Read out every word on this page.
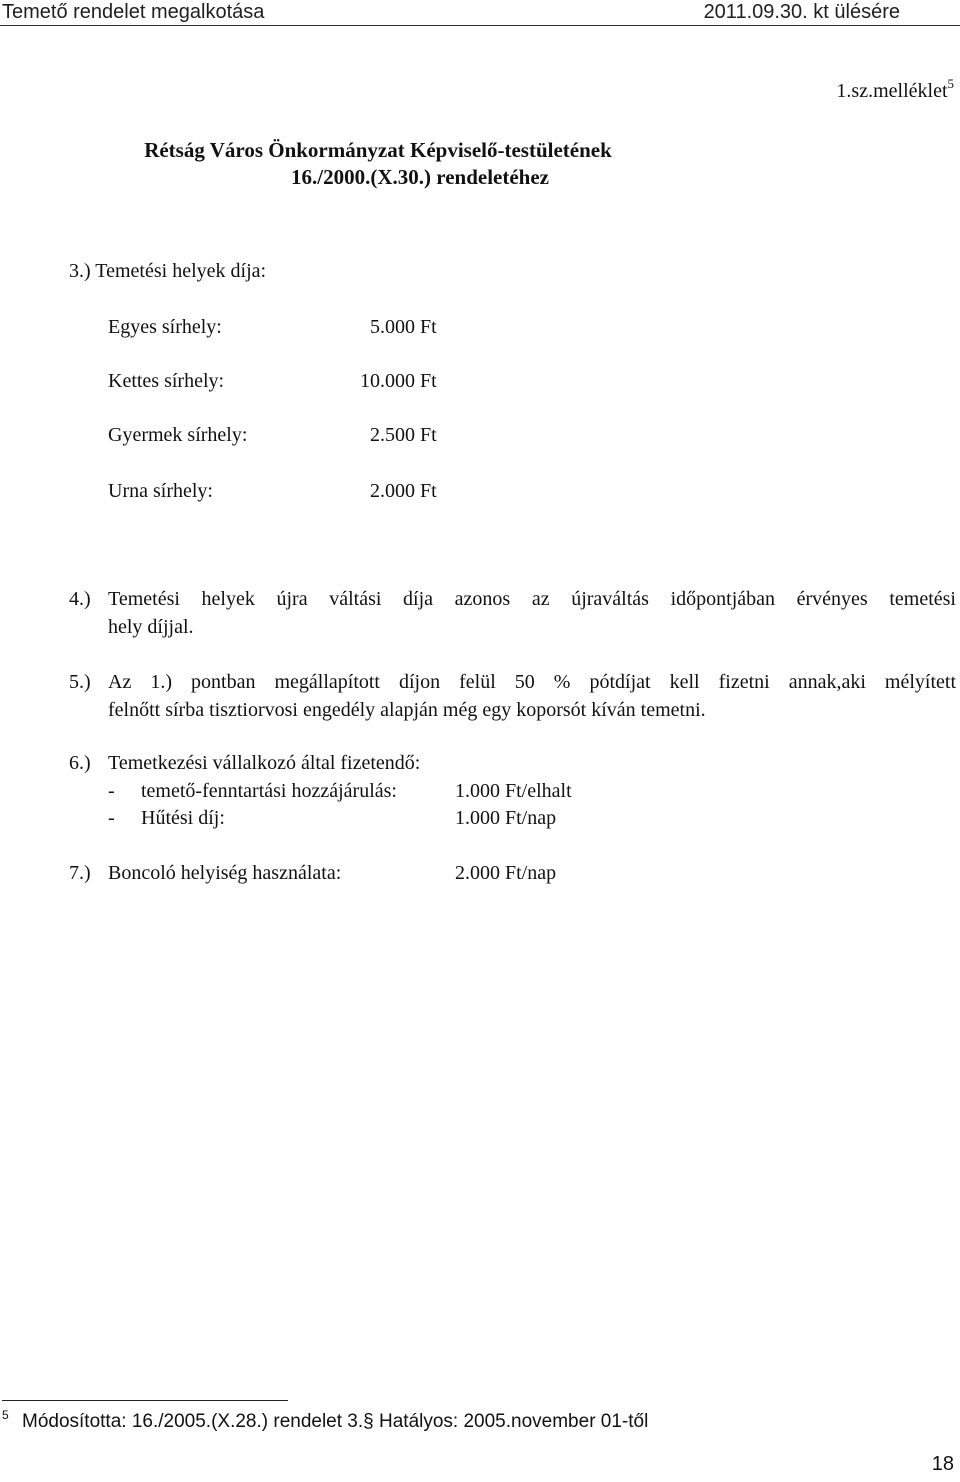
Temető rendelet megalkotása	2011.09.30. kt ülésére
1.sz.melléklet$^5$
Rétság Város Önkormányzat Képviselő-testületének
16./2000.(X.30.) rendeletéhez
3.) Temetési helyek díja:
Egyes sírhely:	5.000 Ft
Kettes sírhely:	10.000 Ft
Gyermek sírhely:	2.500 Ft
Urna sírhely:	2.000 Ft
4.) Temetési helyek újra váltási díja azonos az újraváltás időpontjában érvényes temetési
hely díjjal.
5.) Az 1.) pontban megállapított díjon felül 50 % pótdíjat kell fizetni annak,aki mélyített
felnőtt sírba tisztiorvosi engedély alapján még egy koporsót kíván temetni.
6.) Temetkezési vállalkozó által fizetendő:
- temető-fenntartási hozzájárulás:	1.000 Ft/elhalt
- Hűtési díj:	1.000 Ft/nap
7.) Boncoló helyiség használata:	2.000 Ft/nap
5 Módosította: 16./2005.(X.28.) rendelet 3.§ Hatályos: 2005.november 01-től
18
